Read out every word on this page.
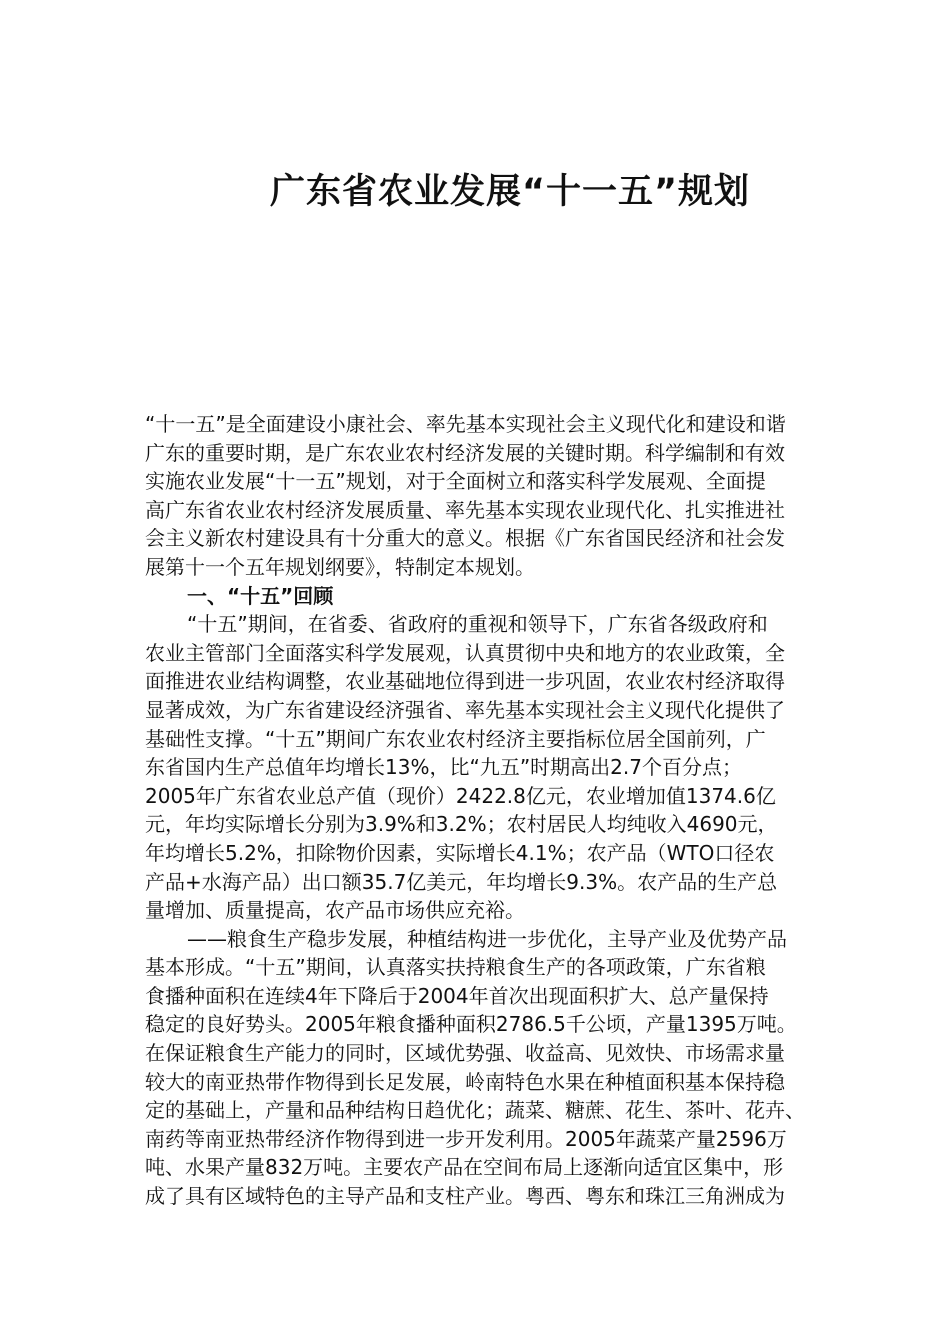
广东省农业发展“十一五”规划
“十一五”是全面建设小康社会、率先基本实现社会主义现代化和建设和谐
广东的重要时期，是广东农业农村经济发展的关键时期。科学编制和有效
实施农业发展“十一五”规划，对于全面树立和落实科学发展观、全面提
高广东省农业农村经济发展质量、率先基本实现农业现代化、扎实推进社
会主义新农村建设具有十分重大的意义。根据《广东省国民经济和社会发
展第十一个五年规划纲要》，特制定本规划。
一、“十五”回顾
“十五”期间，在省委、省政府的重视和领导下，广东省各级政府和
农业主管部门全面落实科学发展观，认真贯彻中央和地方的农业政策，全
面推进农业结构调整，农业基础地位得到进一步巩固，农业农村经济取得
显著成效，为广东省建设经济强省、率先基本实现社会主义现代化提供了
基础性支撑。“十五”期间广东农业农村经济主要指标位居全国前列，广
东省国内生产总值年均增长13%，比“九五”时期高出2.7个百分点；
2005年广东省农业总产值（现价）2422.8亿元，农业增加值1374.6亿
元，年均实际增长分别为3.9%和3.2%；农村居民人均纯收入4690元，
年均增长5.2%，扣除物价因素，实际增长4.1%；农产品（WTO口径农
产品+水海产品）出口额35.7亿美元，年均增长9.3%。农产品的生产总
量增加、质量提高，农产品市场供应充裕。
——粮食生产稳步发展，种植结构进一步优化，主导产业及优势产品
基本形成。“十五”期间，认真落实扶持粮食生产的各项政策，广东省粮
食播种面积在连续4年下降后于2004年首次出现面积扩大、总产量保持
稳定的良好势头。2005年粮食播种面积2786.5千公顷，产量1395万吨。
在保证粮食生产能力的同时，区域优势强、收益高、见效快、市场需求量
较大的南亚热带作物得到长足发展，岭南特色水果在种植面积基本保持稳
定的基础上，产量和品种结构日趋优化；蔬菜、糖蔗、花生、茶叶、花卉、
南药等南亚热带经济作物得到进一步开发利用。2005年蔬菜产量2596万
吨、水果产量832万吨。主要农产品在空间布局上逐渐向适宜区集中，形
成了具有区域特色的主导产品和支柱产业。粤西、粤东和珠江三角洲成为
